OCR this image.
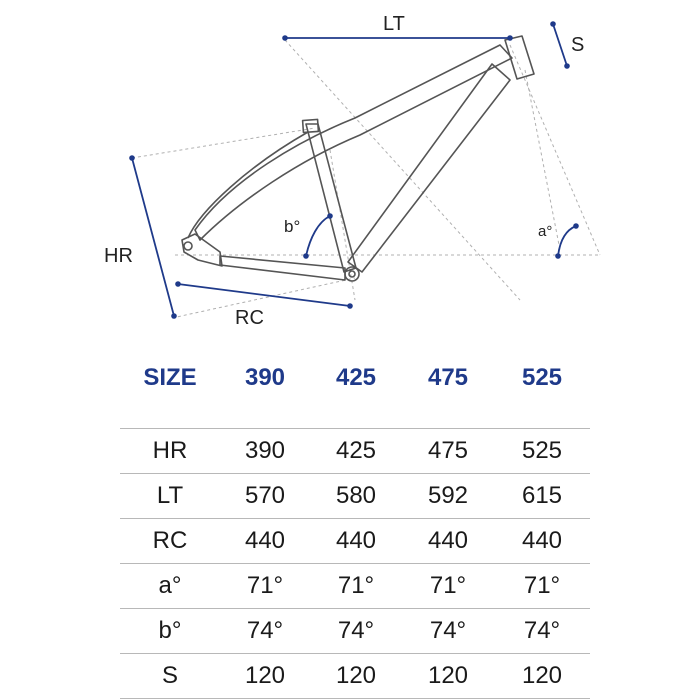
LT
S
HR
RC
a°
b°
SIZE	390	425	475	525
HR	390	425	475	525
LT	570	580	592	615
RC	440	440	440	440
a°	71°	71°	71°	71°
b°	74°	74°	74°	74°
S	120	120	120	120
